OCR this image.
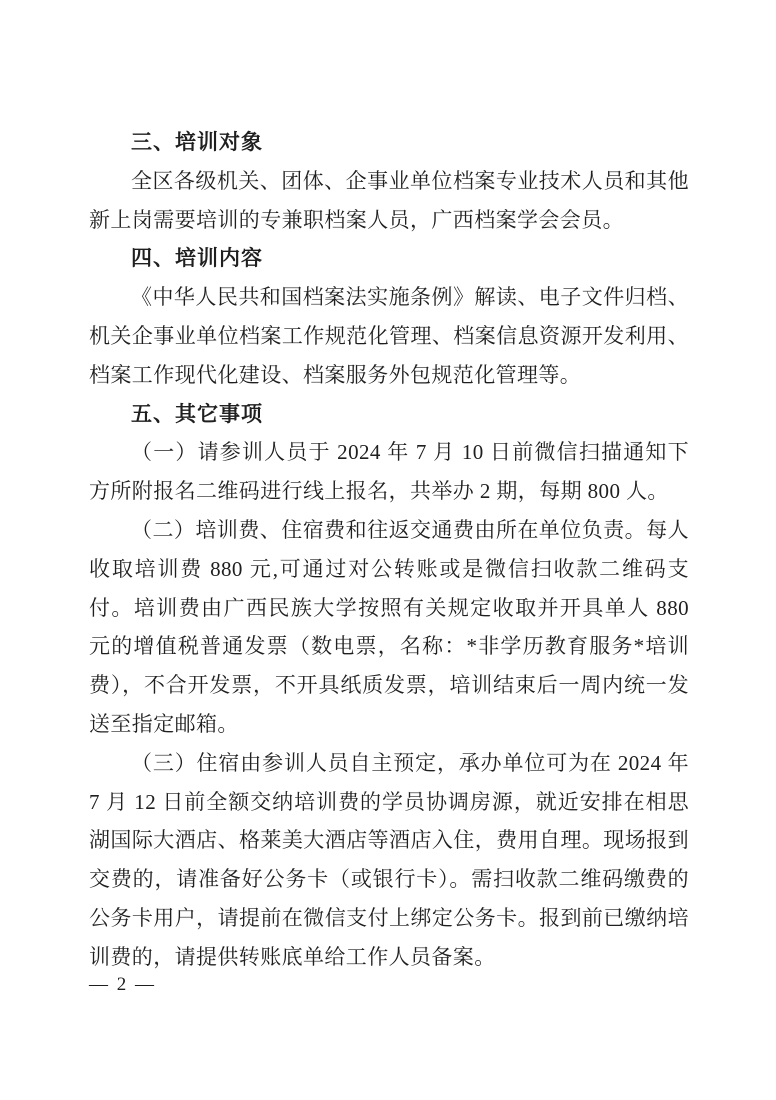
三、培训对象

全区各级机关、团体、企事业单位档案专业技术人员和其他新上岗需要培训的专兼职档案人员，广西档案学会会员。

四、培训内容

《中华人民共和国档案法实施条例》解读、电子文件归档、机关企事业单位档案工作规范化管理、档案信息资源开发利用、档案工作现代化建设、档案服务外包规范化管理等。

五、其它事项

（一）请参训人员于 2024 年 7 月 10 日前微信扫描通知下方所附报名二维码进行线上报名，共举办 2 期，每期 800 人。

（二）培训费、住宿费和往返交通费由所在单位负责。每人收取培训费 880 元,可通过对公转账或是微信扫收款二维码支付。培训费由广西民族大学按照有关规定收取并开具单人 880 元的增值税普通发票（数电票，名称：*非学历教育服务*培训费），不合开发票，不开具纸质发票，培训结束后一周内统一发送至指定邮箱。

（三）住宿由参训人员自主预定，承办单位可为在 2024 年 7 月 12 日前全额交纳培训费的学员协调房源，就近安排在相思湖国际大酒店、格莱美大酒店等酒店入住，费用自理。现场报到交费的，请准备好公务卡（或银行卡）。需扫收款二维码缴费的公务卡用户，请提前在微信支付上绑定公务卡。报到前已缴纳培训费的，请提供转账底单给工作人员备案。

— 2 —
